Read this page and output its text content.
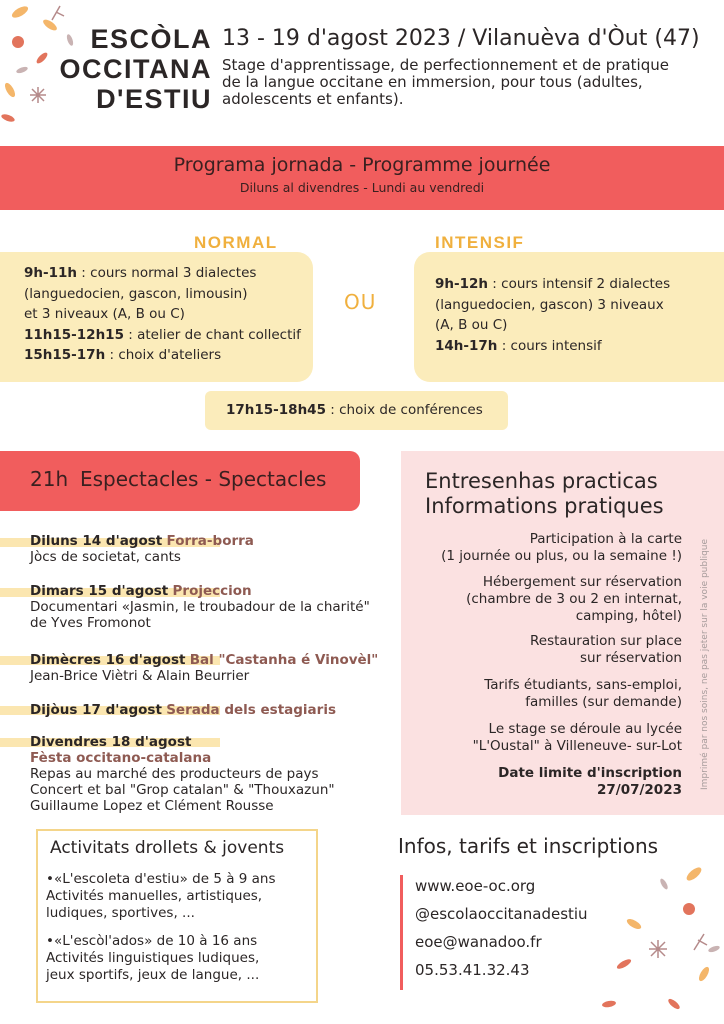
ESCÒLA
OCCITANA
D'ESTIU
13 - 19 d'agost 2023 / Vilanuèva d'Òut (47)
Stage d'apprentissage, de perfectionnement et de pratique de la langue occitane en immersion, pour tous (adultes, adolescents et enfants).
Programa jornada - Programme journée
Diluns al divendres - Lundi au vendredi
NORMAL	INTENSIF
9h-11h : cours normal 3 dialectes
(languedocien, gascon, limousin)
et 3 niveaux (A, B ou C)
11h15-12h15 : atelier de chant collectif
15h15-17h : choix d'ateliers
OU
9h-12h : cours intensif 2 dialectes
(languedocien, gascon) 3 niveaux
(A, B ou C)
14h-17h : cours intensif
17h15-18h45 : choix de conférences
21h Espectacles - Spectacles
Diluns 14 d'agost Forra-borra
Jòcs de societat, cants
Dimars 15 d'agost Projeccion
Documentari «Jasmin, le troubadour de la charité"
de Yves Fromonot
Dimècres 16 d'agost Bal "Castanha é Vinovèl"
Jean-Brice Viètri & Alain Beurrier
Dijòus 17 d'agost Serada dels estagiaris
Divendres 18 d'agost
Fèsta occitano-catalana
Repas au marché des producteurs de pays
Concert et bal "Grop catalan" & "Thouxazun"
Guillaume Lopez et Clément Rousse
Entresenhas practicas
Informations pratiques
Participation à la carte
(1 journée ou plus, ou la semaine !)
Hébergement sur réservation
(chambre de 3 ou 2 en internat,
camping, hôtel)
Restauration sur place
sur réservation
Tarifs étudiants, sans-emploi,
familles (sur demande)
Le stage se déroule au lycée
"L'Oustal" à Villeneuve- sur-Lot
Date limite d'inscription
27/07/2023 Imprimé par nos soins, ne pas jeter sur la voie publique
Activitats drollets & jovents
•«L'escoleta d'estiu» de 5 à 9 ans
Activités manuelles, artistiques,
ludiques, sportives, ...
•«L'escòl'ados» de 10 à 16 ans
Activités linguistiques ludiques,
jeux sportifs, jeux de langue, ...
Infos, tarifs et inscriptions
www.eoe-oc.org
@escolaoccitanadestiu
eoe@wanadoo.fr
05.53.41.32.43
